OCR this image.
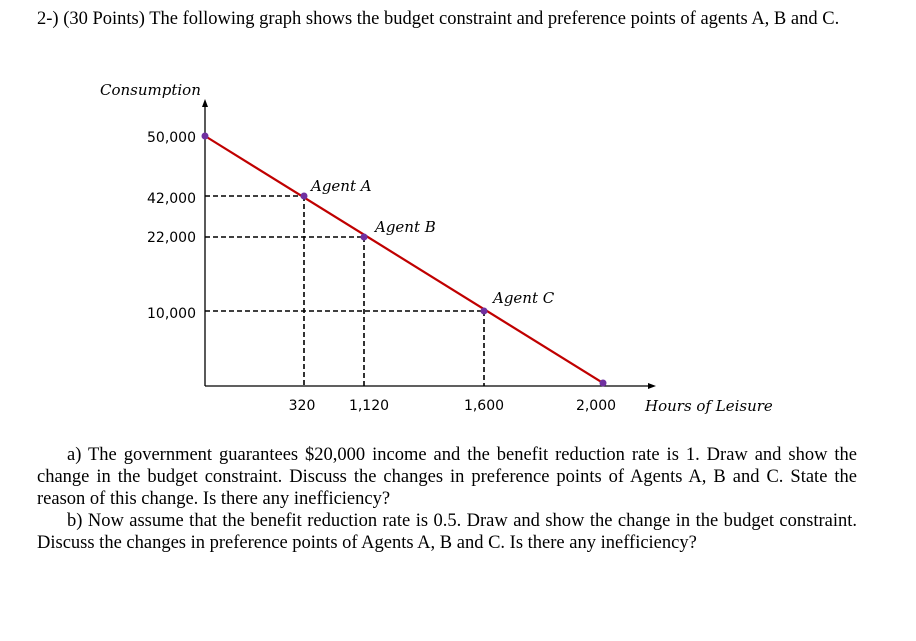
2-) (30 Points) The following graph shows the budget constraint and preference points of agents A, B and C.
Consumption
Hours of Leisure
50,000
42,000
22,000
10,000
320 1,120	1,600	2,000
Agent A
Agent B
Agent C

a) The government guarantees $20,000 income and the benefit reduction rate is 1. Draw and show the change in the budget constraint. Discuss the changes in preference points of Agents A, B and C. State the reason of this change. Is there any inefficiency?

b) Now assume that the benefit reduction rate is 0.5. Draw and show the change in the budget constraint. Discuss the changes in preference points of Agents A, B and C. Is there any inefficiency?
